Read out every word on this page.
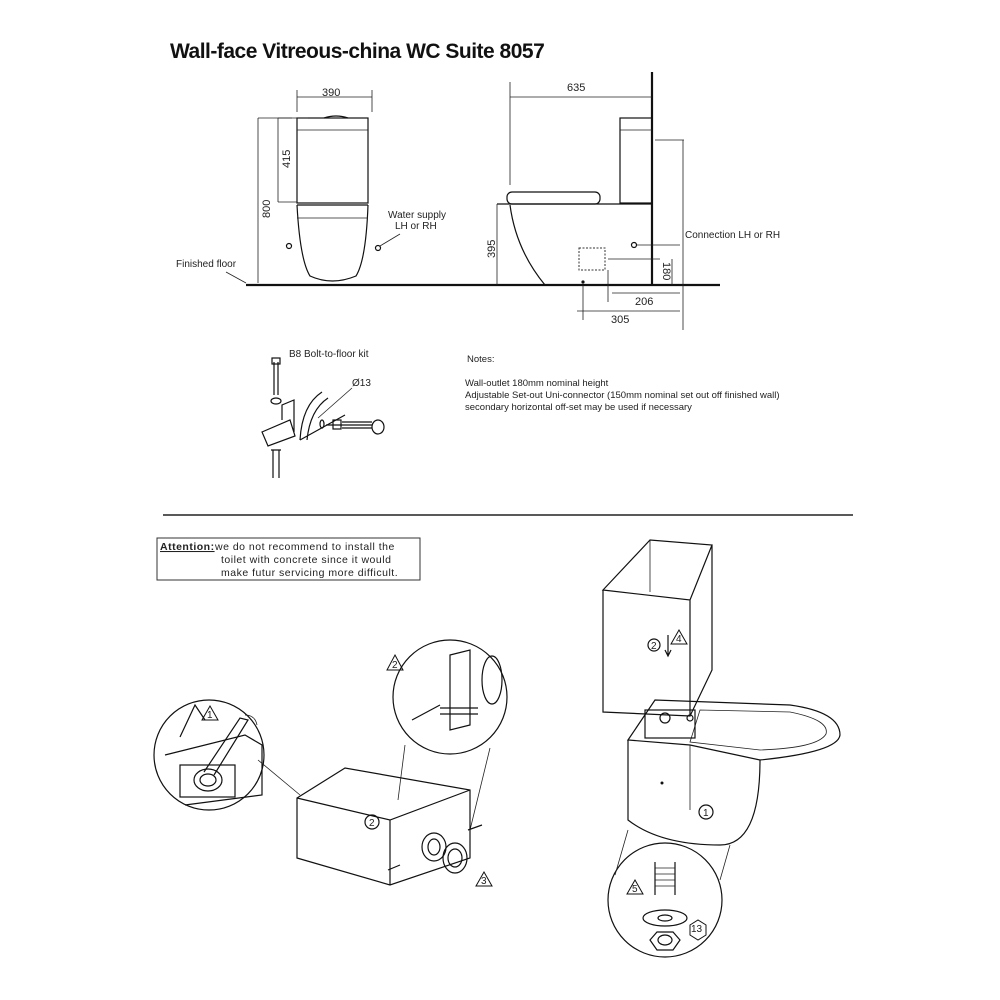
Wall-face Vitreous-china WC Suite 8057
390
415
800	Water supply
LH or RH
Finished floor
635
395
180
206
305
Connection LH or RH
B8 Bolt-to-floor kit
Ø13
Notes:
Wall-outlet 180mm nominal height
Adjustable Set-out Uni-connector (150mm nominal set out off finished wall)
secondary horizontal off-set may be used if necessary
Attention: we do not recommend to install the
toilet with concrete since it would
make futur servicing more difficult.
1
2
2
3
2
4
1
5
13
